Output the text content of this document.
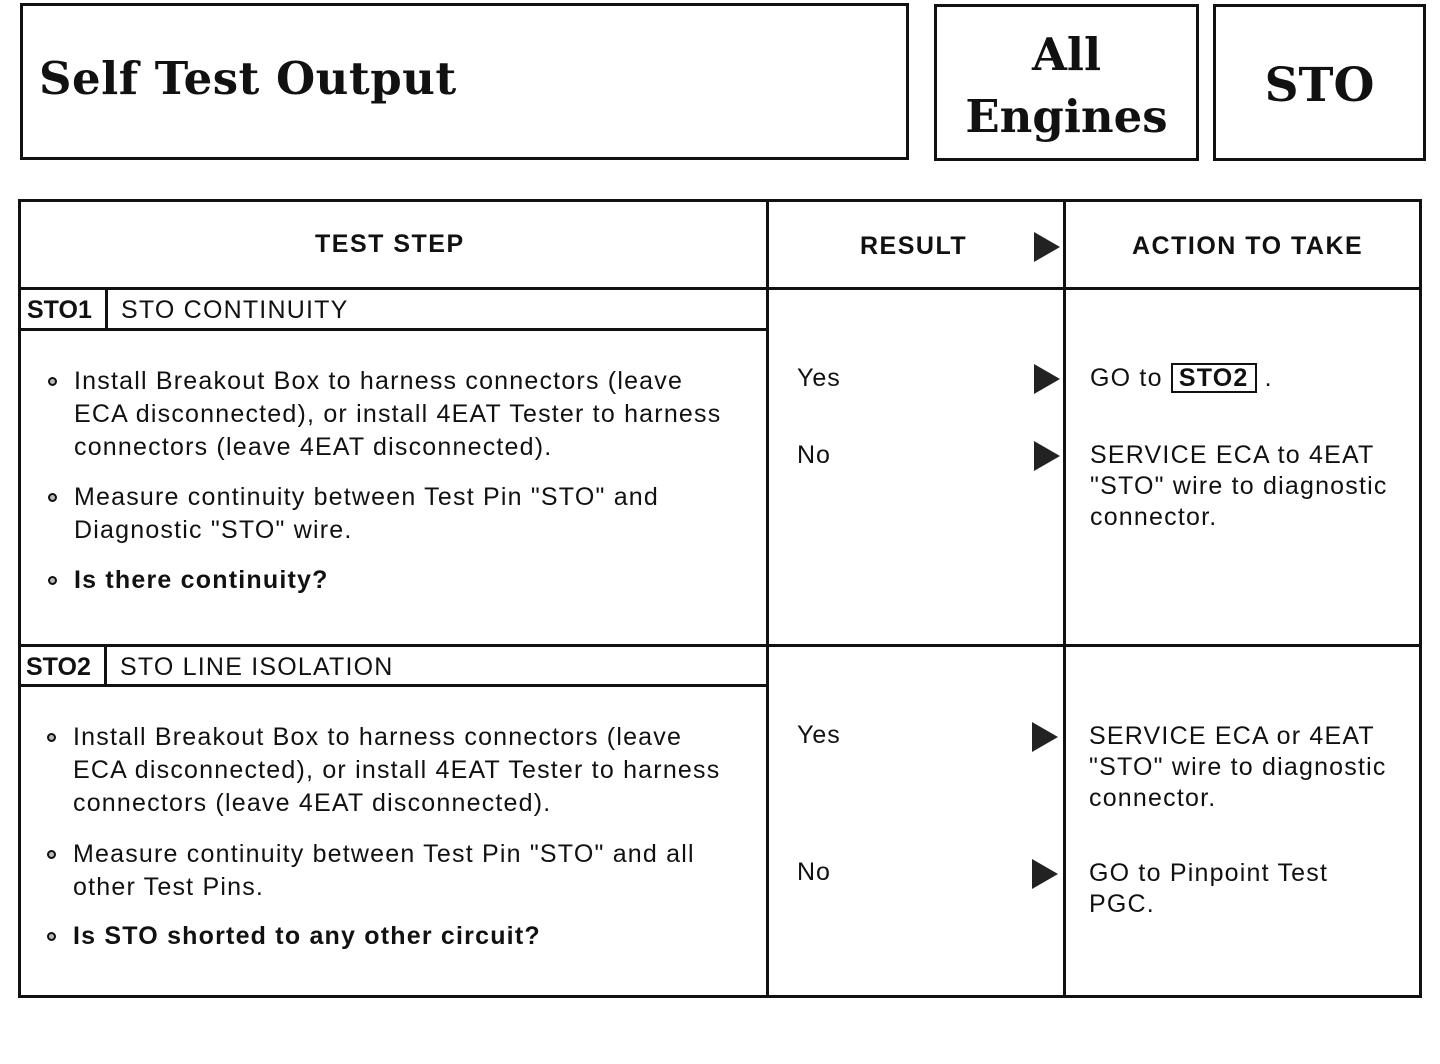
Self Test Output	All
Engines
STO
TEST STEP	RESULT	ACTION TO TAKE
STO1 STO CONTINUITY
Install Breakout Box to harness connectors (leave ECA disconnected), or install 4EAT Tester to harness connectors (leave 4EAT disconnected).
Measure continuity between Test Pin "STO" and Diagnostic "STO" wire.
Is there continuity?
Yes	GO to STO2 .
No	SERVICE ECA to 4EAT "STO" wire to diagnostic connector.
STO2 STO LINE ISOLATION
Install Breakout Box to harness connectors (leave ECA disconnected), or install 4EAT Tester to harness connectors (leave 4EAT disconnected).
Measure continuity between Test Pin "STO" and all other Test Pins.
Is STO shorted to any other circuit?
Yes	SERVICE ECA or 4EAT "STO" wire to diagnostic connector.
No	GO to Pinpoint Test PGC.
